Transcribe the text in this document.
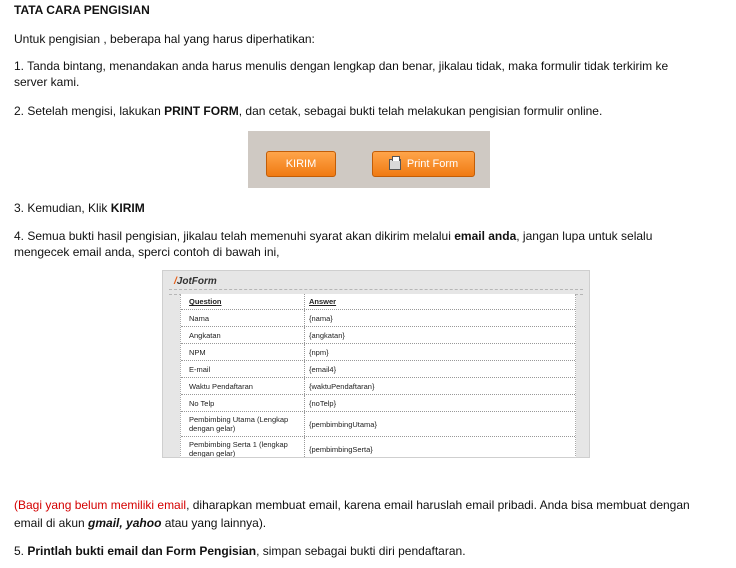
TATA CARA PENGISIAN
Untuk pengisian , beberapa hal yang harus diperhatikan:
1. Tanda bintang, menandakan anda harus menulis dengan lengkap dan benar, jikalau tidak, maka formulir tidak terkirim ke
server kami.
2. Setelah mengisi, lakukan PRINT FORM, dan cetak, sebagai bukti telah melakukan pengisian formulir online.
KIRIM	Print Form
3. Kemudian, Klik KIRIM
4. Semua bukti hasil pengisian, jikalau telah memenuhi syarat akan dikirim melalui email anda, jangan lupa untuk selalu
mengecek email anda, sperci contoh di bawah ini,
/JotForm
Question	Answer
Nama	{nama}
Angkatan	{angkatan}
NPM	{npm}
E-mail	{email4}
Waktu Pendaftaran	{waktuPendaftaran}
No Telp	{noTelp}
Pembimbing Utama (Lengkap dengan gelar)	{pembimbingUtama}
Pembimbing Serta 1 (lengkap dengan gelar)	{pembimbingSerta}
(Bagi yang belum memiliki email, diharapkan membuat email, karena email haruslah email pribadi. Anda bisa membuat dengan
email di akun gmail, yahoo atau yang lainnya).
5. Printlah bukti email dan Form Pengisian, simpan sebagai bukti diri pendaftaran.
